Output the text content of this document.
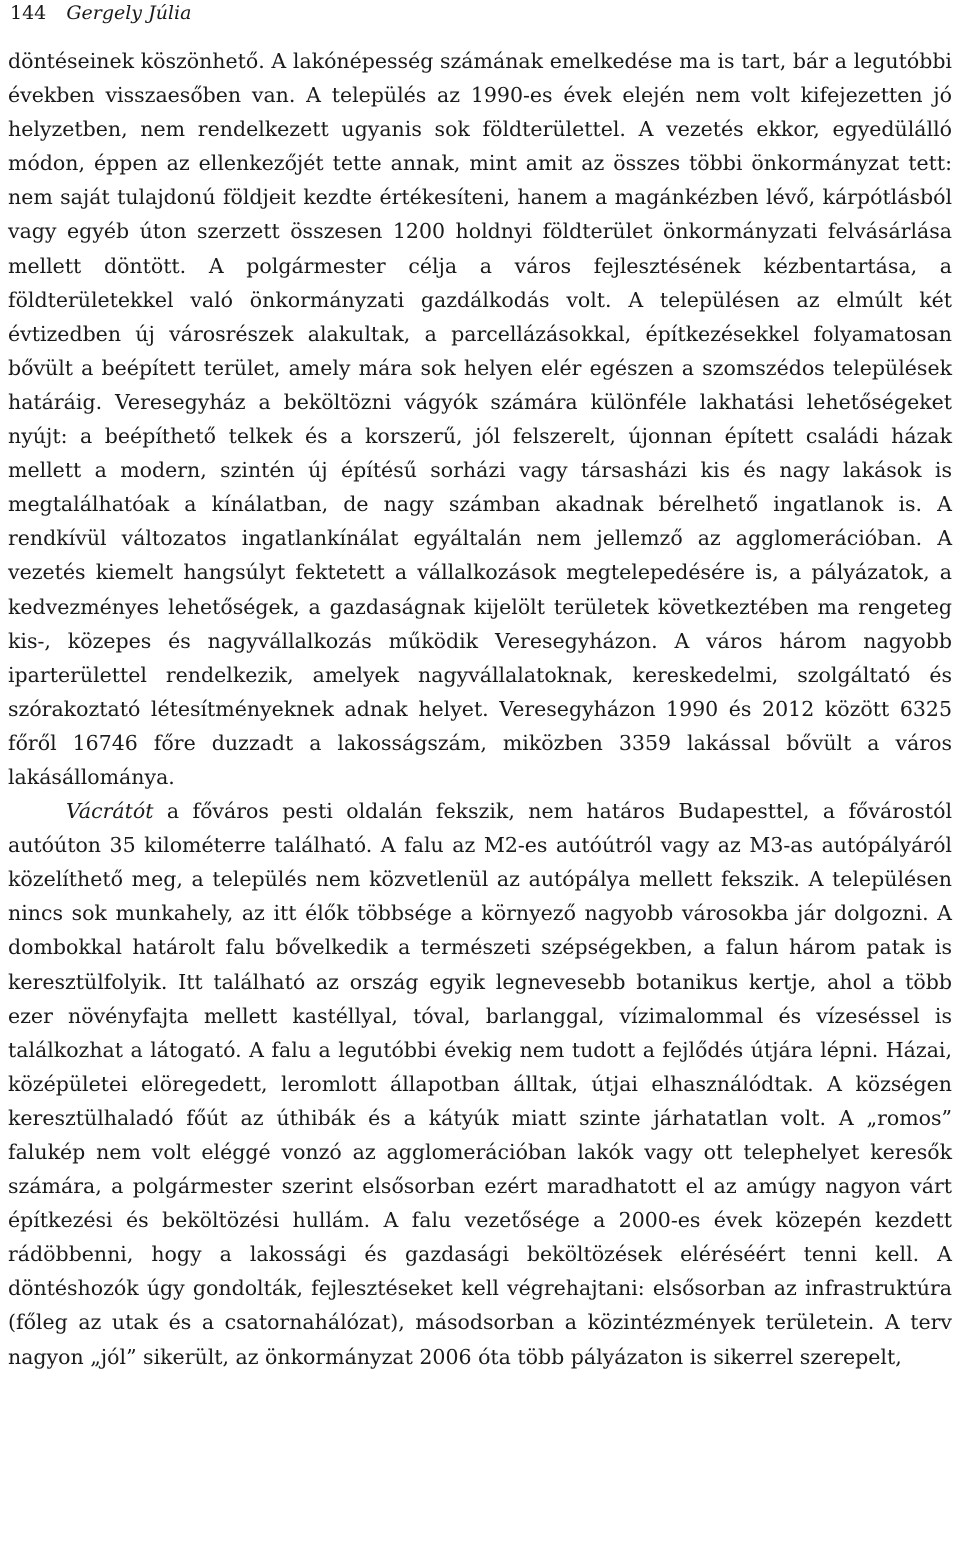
144 Gergely Júlia

döntéseinek köszönhető. A lakónépesség számának emelkedése ma is tart, bár a legutóbbi években visszaesőben van. A település az 1990-es évek elején nem volt kifejezetten jó helyzetben, nem rendelkezett ugyanis sok földterülettel. A vezetés ekkor, egyedülálló módon, éppen az ellenkezőjét tette annak, mint amit az összes többi önkormányzat tett: nem saját tulajdonú földjeit kezdte értékesíteni, hanem a magánkézben lévő, kárpótlásból vagy egyéb úton szerzett összesen 1200 holdnyi földterület önkormányzati felvásárlása mellett döntött. A polgármester célja a város fejlesztésének kézbentartása, a földterületekkel való önkormányzati gazdálkodás volt. A településen az elmúlt két évtizedben új városrészek alakultak, a parcellázásokkal, építkezésekkel folyamatosan bővült a beépített terület, amely mára sok helyen elér egészen a szomszédos települések határáig. Veresegyház a beköltözni vágyók számára különféle lakhatási lehetőségeket nyújt: a beépíthető telkek és a korszerű, jól felszerelt, újonnan épített családi házak mellett a modern, szintén új építésű sorházi vagy társasházi kis és nagy lakások is megtalálhatóak a kínálatban, de nagy számban akadnak bérelhető ingatlanok is. A rendkívül változatos ingatlankínálat egyáltalán nem jellemző az agglomerációban. A vezetés kiemelt hangsúlyt fektetett a vállalkozások megtelepedésére is, a pályázatok, a kedvezményes lehetőségek, a gazdaságnak kijelölt területek következtében ma rengeteg kis-, közepes és nagyvállalkozás működik Veresegyházon. A város három nagyobb iparterülettel rendelkezik, amelyek nagyvállalatoknak, kereskedelmi, szolgáltató és szórakoztató létesítményeknek adnak helyet. Veresegyházon 1990 és 2012 között 6325 főről 16746 főre duzzadt a lakosságszám, miközben 3359 lakással bővült a város lakásállománya.

Vácrátót a főváros pesti oldalán fekszik, nem határos Budapesttel, a fővárostól autóúton 35 kilométerre található. A falu az M2-es autóútról vagy az M3-as autópályáról közelíthető meg, a település nem közvetlenül az autópálya mellett fekszik. A településen nincs sok munkahely, az itt élők többsége a környező nagyobb városokba jár dolgozni. A dombokkal határolt falu bővelkedik a természeti szépségekben, a falun három patak is keresztülfolyik. Itt található az ország egyik legnevesebb botanikus kertje, ahol a több ezer növényfajta mellett kastéllyal, tóval, barlanggal, vízimalommal és vízeséssel is találkozhat a látogató. A falu a legutóbbi évekig nem tudott a fejlődés útjára lépni. Házai, középületei elöregedett, leromlott állapotban álltak, útjai elhasználódtak. A községen keresztülhaladó főút az úthibák és a kátyúk miatt szinte járhatatlan volt. A „romos” falukép nem volt eléggé vonzó az agglomerációban lakók vagy ott telephelyet keresők számára, a polgármester szerint elsősorban ezért maradhatott el az amúgy nagyon várt építkezési és beköltözési hullám. A falu vezetősége a 2000-es évek közepén kezdett rádöbbenni, hogy a lakossági és gazdasági beköltözések eléréséért tenni kell. A döntéshozók úgy gondolták, fejlesztéseket kell végrehajtani: elsősorban az infrastruktúra (főleg az utak és a csatornahálózat), másodsorban a közintézmények területein. A terv nagyon „jól” sikerült, az önkormányzat 2006 óta több pályázaton is sikerrel szerepelt,
